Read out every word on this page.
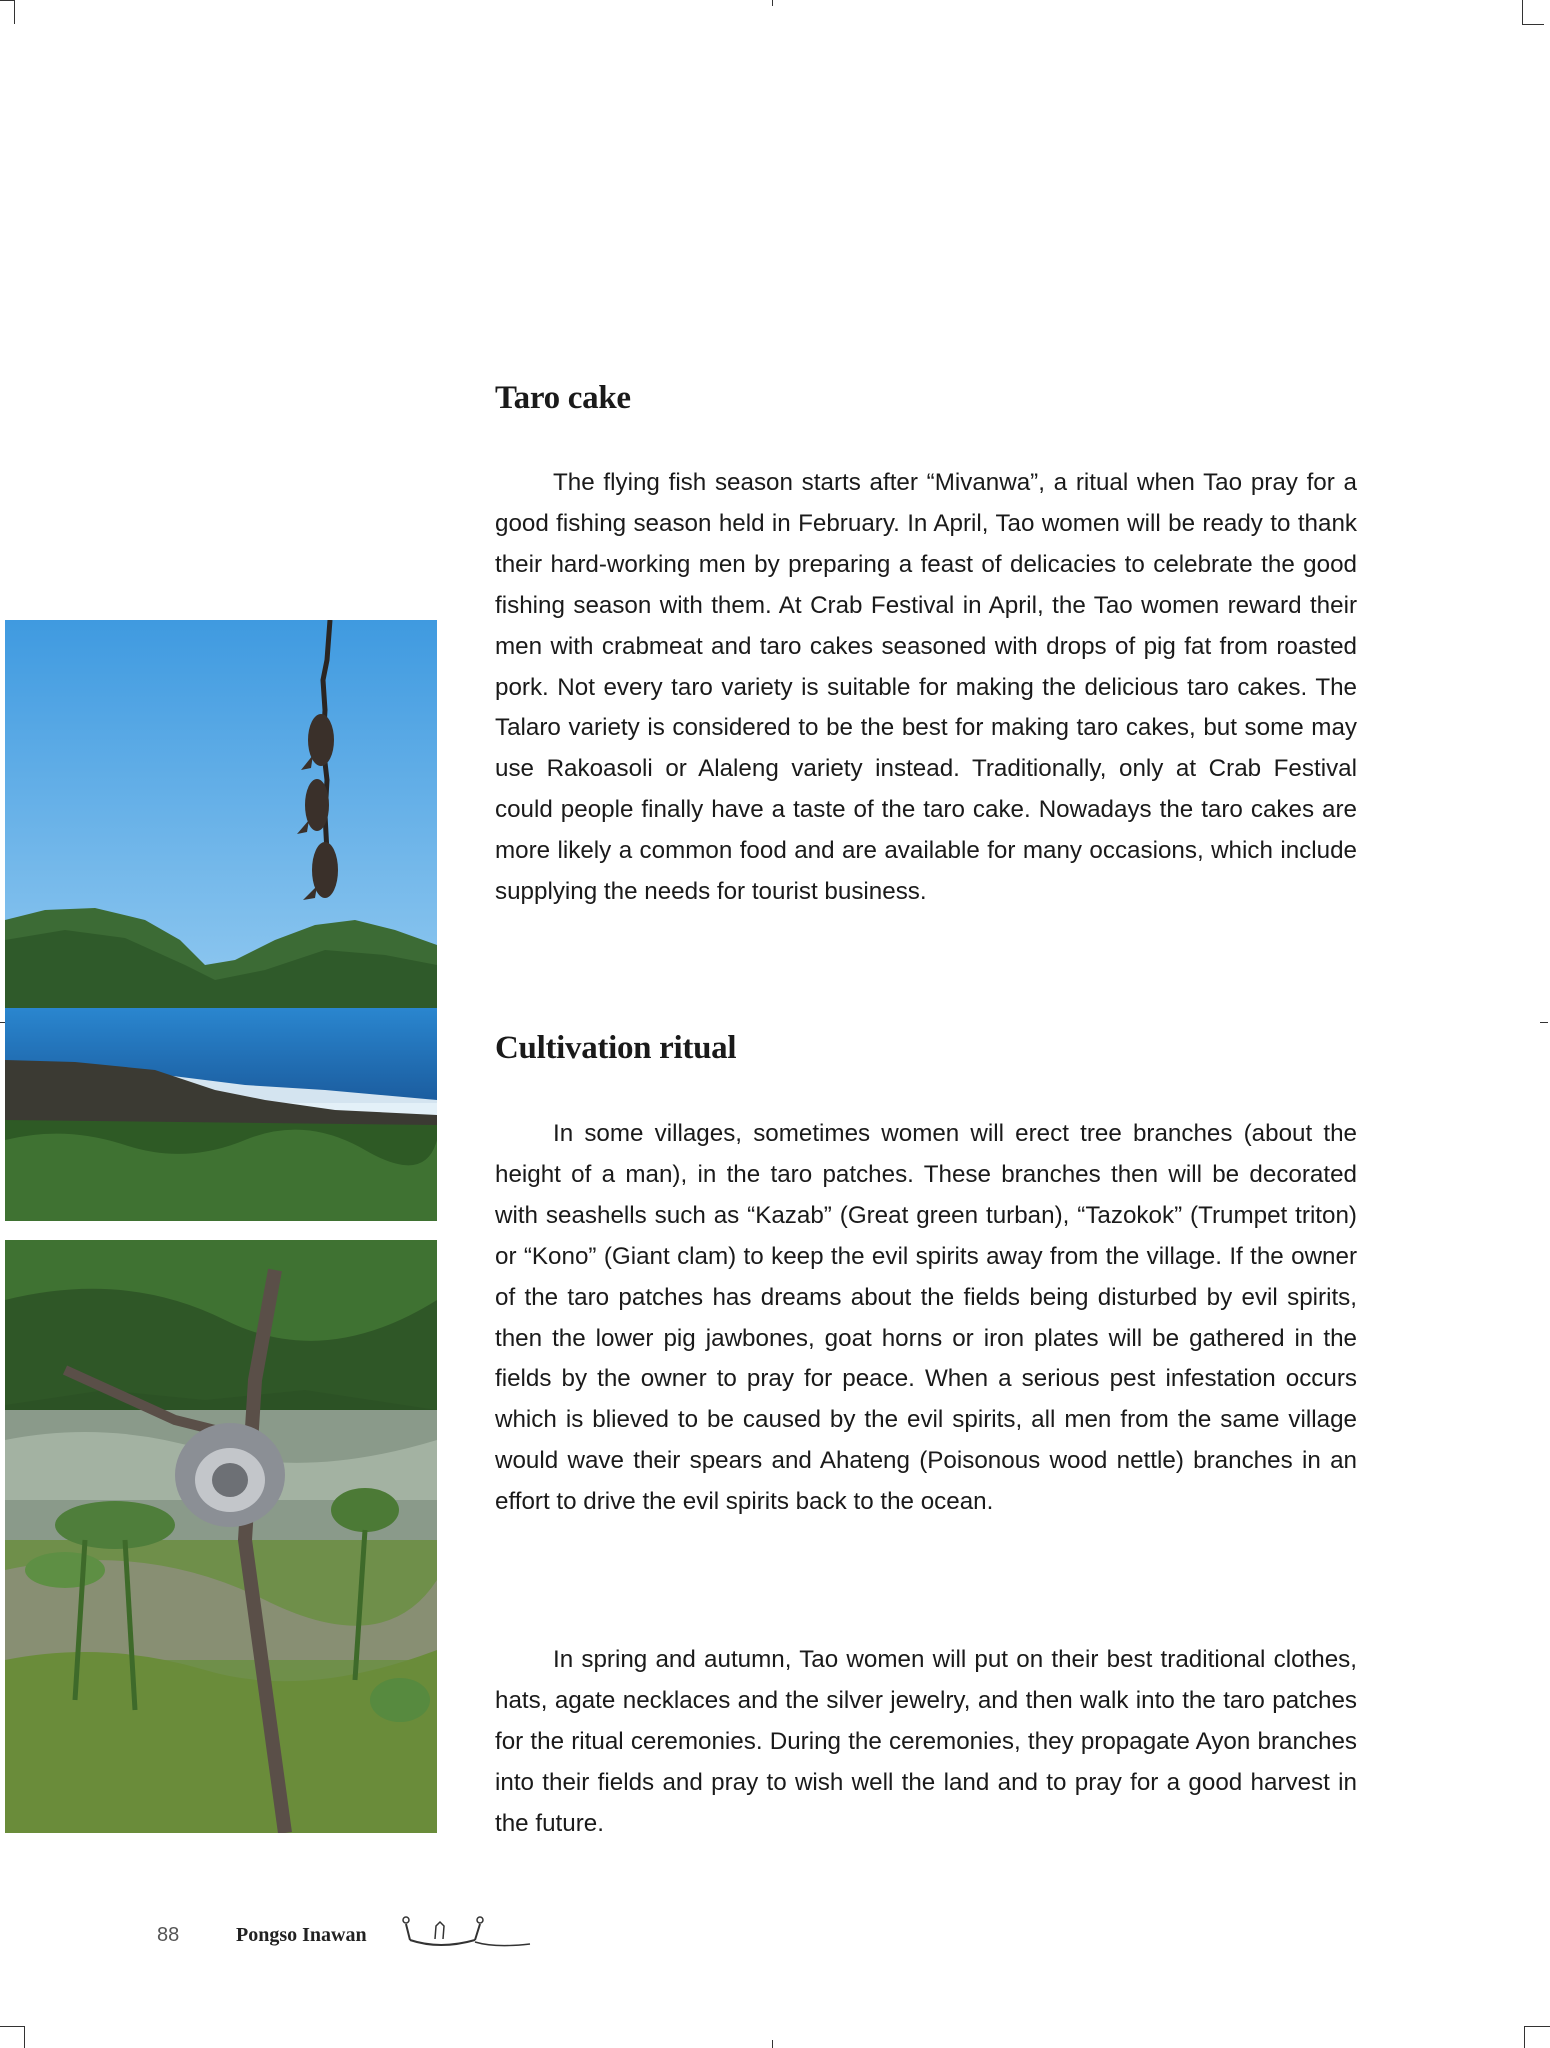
Taro cake

The flying fish season starts after “Mivanwa”, a ritual when Tao pray for a good fishing season held in February. In April, Tao women will be ready to thank their hard-working men by preparing a feast of delicacies to celebrate the good fishing season with them. At Crab Festival in April, the Tao women reward their men with crabmeat and taro cakes seasoned with drops of pig fat from roasted pork. Not every taro variety is suitable for making the delicious taro cakes. The Talaro variety is considered to be the best for making taro cakes, but some may use Rakoasoli or Alaleng variety instead. Traditionally, only at Crab Festival could people finally have a taste of the taro cake. Nowadays the taro cakes are more likely a common food and are available for many occasions, which include supplying the needs for tourist business.

Cultivation ritual

In some villages, sometimes women will erect tree branches (about the height of a man), in the taro patches. These branches then will be decorated with seashells such as “Kazab” (Great green turban), “Tazokok” (Trumpet triton) or “Kono” (Giant clam) to keep the evil spirits away from the village. If the owner of the taro patches has dreams about the fields being disturbed by evil spirits, then the lower pig jawbones, goat horns or iron plates will be gathered in the fields by the owner to pray for peace. When a serious pest infestation occurs which is blieved to be caused by the evil spirits, all men from the same village would wave their spears and Ahateng (Poisonous wood nettle) branches in an effort to drive the evil spirits back to the ocean.

In spring and autumn, Tao women will put on their best traditional clothes, hats, agate necklaces and the silver jewelry, and then walk into the taro patches for the ritual ceremonies. During the ceremonies, they propagate Ayon branches into their fields and pray to wish well the land and to pray for a good harvest in the future.

88	Pongso Inawan
